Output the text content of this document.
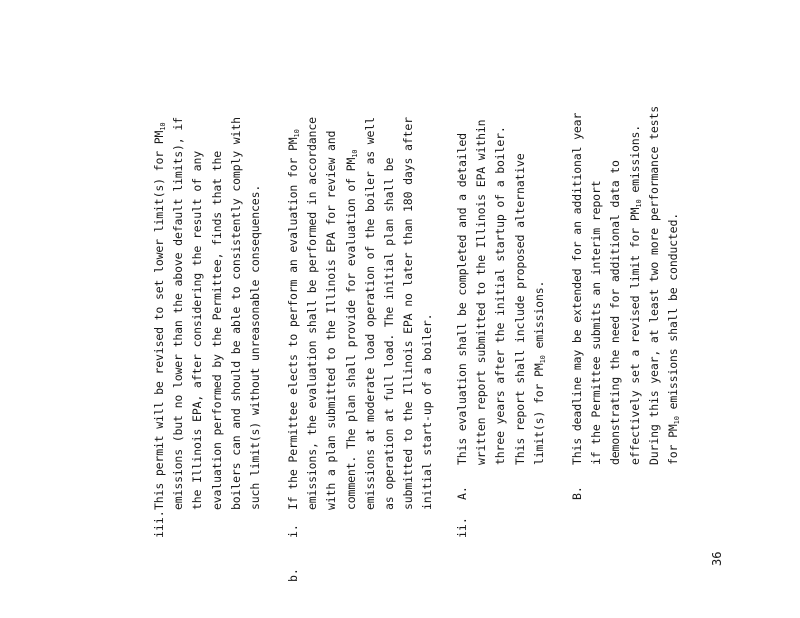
iii.
This permit will be revised to set lower limit(s) for $PM_{10}$ emissions (but no lower than the above default limits), if the Illinois EPA, after considering the result of any evaluation performed by the Permittee, finds that the boilers can and should be able to consistently comply with such limit(s) without unreasonable consequences.
b.
i.
If the Permittee elects to perform an evaluation for $PM_{10}$ emissions, the evaluation shall be performed in accordance with a plan submitted to the Illinois EPA for review and comment. The plan shall provide for evaluation of $PM_{10}$ emissions at moderate load operation of the boiler as well as operation at full load. The initial plan shall be submitted to the Illinois EPA no later than 180 days after initial start-up of a boiler.
ii.
A.
This evaluation shall be completed and a detailed written report submitted to the Illinois EPA within three years after the initial startup of a boiler. This report shall include proposed alternative limit(s) for $PM_{10}$ emissions.
B.
This deadline may be extended for an additional year if the Permittee submits an interim report demonstrating the need for additional data to effectively set a revised limit for $PM_{10}$ emissions. During this year, at least two more performance tests for $PM_{10}$ emissions shall be conducted.
36
